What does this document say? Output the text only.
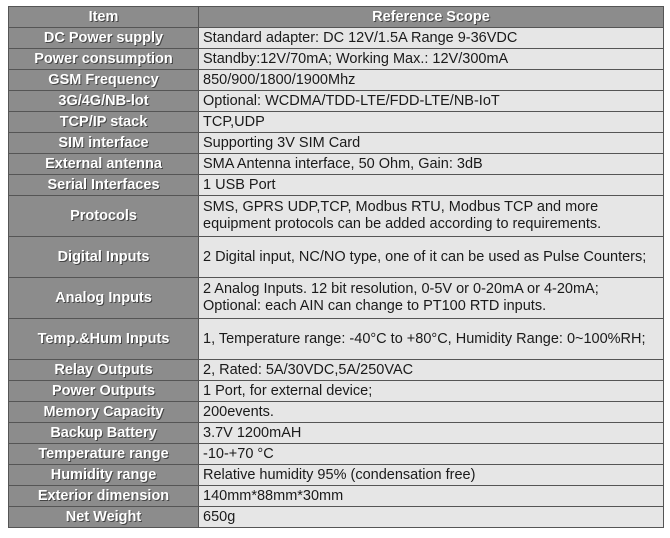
Item	Reference Scope
DC Power supply	Standard adapter: DC 12V/1.5A Range 9-36VDC
Power consumption	Standby:12V/70mA; Working Max.: 12V/300mA
GSM Frequency	850/900/1800/1900Mhz
3G/4G/NB-lot	Optional: WCDMA/TDD-LTE/FDD-LTE/NB-IoT
TCP/IP stack	TCP,UDP
SIM interface	Supporting 3V SIM Card
External antenna	SMA Antenna interface, 50 Ohm, Gain: 3dB
Serial Interfaces	1 USB Port
Protocols	SMS, GPRS UDP,TCP, Modbus RTU, Modbus TCP and more equipment protocols can be added according to requirements.
Digital Inputs	2 Digital input, NC/NO type, one of it can be used as Pulse Counters;
Analog Inputs	2 Analog Inputs. 12 bit resolution, 0-5V or 0-20mA or 4-20mA; Optional: each AIN can change to PT100 RTD inputs.
Temp.&Hum Inputs	1, Temperature range: -40°C to +80°C, Humidity Range: 0~100%RH;
Relay Outputs	2, Rated: 5A/30VDC,5A/250VAC
Power Outputs	1 Port, for external device;
Memory Capacity	200events.
Backup Battery	3.7V 1200mAH
Temperature range	-10-+70 °C
Humidity range	Relative humidity 95% (condensation free)
Exterior dimension	140mm*88mm*30mm
Net Weight	650g
